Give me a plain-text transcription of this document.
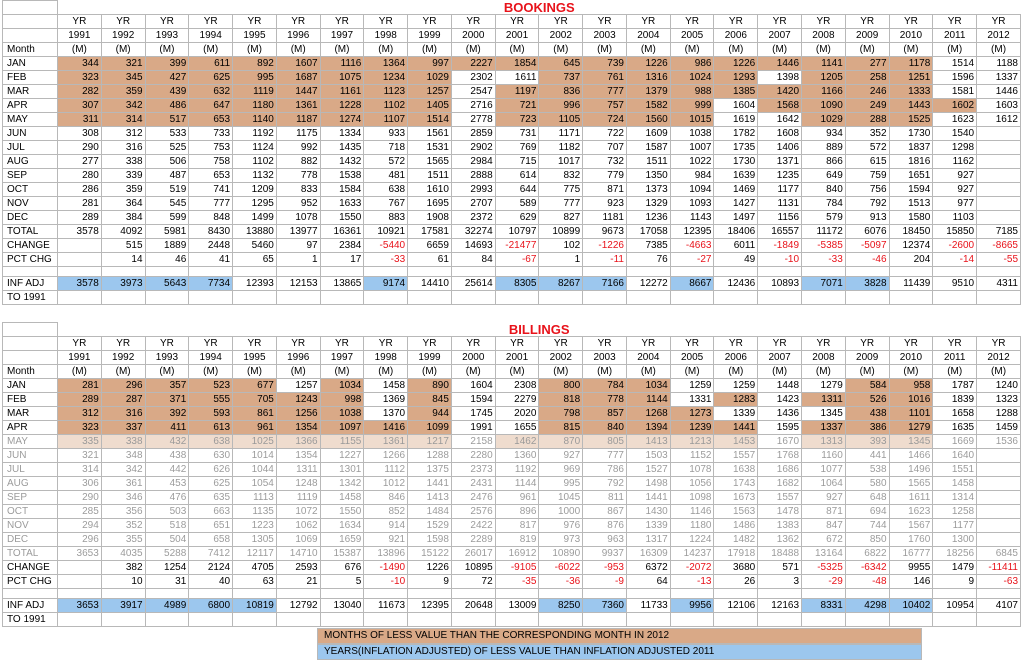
	BOOKINGS																					
	YR	YR	YR	YR	YR	YR	YR	YR	YR	YR	YR	YR	YR	YR	YR	YR	YR	YR	YR	YR	YR	YR
	1991	1992	1993	1994	1995	1996	1997	1998	1999	2000	2001	2002	2003	2004	2005	2006	2007	2008	2009	2010	2011	2012
Month	(M)	(M)	(M)	(M)	(M)	(M)	(M)	(M)	(M)	(M)	(M)	(M)	(M)	(M)	(M)	(M)	(M)	(M)	(M)	(M)	(M)	(M)
JAN	344	321	399	611	892	1607	1116	1364	997	2227	1854	645	739	1226	986	1226	1446	1141	277	1178	1514	1188
FEB	323	345	427	625	995	1687	1075	1234	1029	2302	1611	737	761	1316	1024	1293	1398	1205	258	1251	1596	1337
MAR	282	359	439	632	1119	1447	1161	1123	1257	2547	1197	836	777	1379	988	1385	1420	1166	246	1333	1581	1446
APR	307	342	486	647	1180	1361	1228	1102	1405	2716	721	996	757	1582	999	1604	1568	1090	249	1443	1602	1603
MAY	311	314	517	653	1140	1187	1274	1107	1514	2778	723	1105	724	1560	1015	1619	1642	1029	288	1525	1623	1612
JUN	308	312	533	733	1192	1175	1334	933	1561	2859	731	1171	722	1609	1038	1782	1608	934	352	1730	1540	
JUL	290	316	525	753	1124	992	1435	718	1531	2902	769	1182	707	1587	1007	1735	1406	889	572	1837	1298	
AUG	277	338	506	758	1102	882	1432	572	1565	2984	715	1017	732	1511	1022	1730	1371	866	615	1816	1162	
SEP	280	339	487	653	1132	778	1538	481	1511	2888	614	832	779	1350	984	1639	1235	649	759	1651	927	
OCT	286	359	519	741	1209	833	1584	638	1610	2993	644	775	871	1373	1094	1469	1177	840	756	1594	927	
NOV	281	364	545	777	1295	952	1633	767	1695	2707	589	777	923	1329	1093	1427	1131	784	792	1513	977	
DEC	289	384	599	848	1499	1078	1550	883	1908	2372	629	827	1181	1236	1143	1497	1156	579	913	1580	1103	
TOTAL	3578	4092	5981	8430	13880	13977	16361	10921	17581	32274	10797	10899	9673	17058	12395	18406	16557	11172	6076	18450	15850	7185
CHANGE		515	1889	2448	5460	97	2384	-5440	6659	14693	-21477	102	-1226	7385	-4663	6011	-1849	-5385	-5097	12374	-2600	-8665
PCT CHG		14	46	41	65	1	17	-33	61	84	-67	1	-11	76	-27	49	-10	-33	-46	204	-14	-55

INF ADJ	3578	3973	5643	7734	12393	12153	13865	9174	14410	25614	8305	8267	7166	12272	8667	12436	10893	7071	3828	11439	9510	4311
TO 1991																						
	BILLINGS																					
	YR	YR	YR	YR	YR	YR	YR	YR	YR	YR	YR	YR	YR	YR	YR	YR	YR	YR	YR	YR	YR	YR
	1991	1992	1993	1994	1995	1996	1997	1998	1999	2000	2001	2002	2003	2004	2005	2006	2007	2008	2009	2010	2011	2012
Month	(M)	(M)	(M)	(M)	(M)	(M)	(M)	(M)	(M)	(M)	(M)	(M)	(M)	(M)	(M)	(M)	(M)	(M)	(M)	(M)	(M)	(M)
JAN	281	296	357	523	677	1257	1034	1458	890	1604	2308	800	784	1034	1259	1259	1448	1279	584	958	1787	1240
FEB	289	287	371	555	705	1243	998	1369	845	1594	2279	818	778	1144	1331	1283	1423	1311	526	1016	1839	1323
MAR	312	316	392	593	861	1256	1038	1370	944	1745	2020	798	857	1268	1273	1339	1436	1345	438	1101	1658	1288
APR	323	337	411	613	961	1354	1097	1416	1099	1991	1655	815	840	1394	1239	1441	1595	1337	386	1279	1635	1459
MAY	335	338	432	638	1025	1366	1155	1361	1217	2158	1462	870	805	1413	1213	1453	1670	1313	393	1345	1669	1536
JUN	321	348	438	630	1014	1354	1227	1266	1288	2280	1360	927	777	1503	1152	1557	1768	1160	441	1466	1640	
JUL	314	342	442	626	1044	1311	1301	1112	1375	2373	1192	969	786	1527	1078	1638	1686	1077	538	1496	1551	
AUG	306	361	453	625	1054	1248	1342	1012	1441	2431	1144	995	792	1498	1056	1743	1682	1064	580	1565	1458	
SEP	290	346	476	635	1113	1119	1458	846	1413	2476	961	1045	811	1441	1098	1673	1557	927	648	1611	1314	
OCT	285	356	503	663	1135	1072	1550	852	1484	2576	896	1000	867	1430	1146	1563	1478	871	694	1623	1258	
NOV	294	352	518	651	1223	1062	1634	914	1529	2422	817	976	876	1339	1180	1486	1383	847	744	1567	1177	
DEC	296	355	504	658	1305	1069	1659	921	1598	2289	819	973	963	1317	1224	1482	1362	672	850	1760	1300	
TOTAL	3653	4035	5288	7412	12117	14710	15387	13896	15122	26017	16912	10890	9937	16309	14237	17918	18488	13164	6822	16777	18256	6845
CHANGE		382	1254	2124	4705	2593	676	-1490	1226	10895	-9105	-6022	-953	6372	-2072	3680	571	-5325	-6342	9955	1479	-11411
PCT CHG		10	31	40	63	21	5	-10	9	72	-35	-36	-9	64	-13	26	3	-29	-48	146	9	-63

INF ADJ	3653	3917	4989	6800	10819	12792	13040	11673	12395	20648	13009	8250	7360	11733	9956	12106	12163	8331	4298	10402	10954	4107
TO 1991																						
MONTHS OF LESS VALUE THAN THE CORRESPONDING MONTH IN 2012
YEARS(INFLATION ADJUSTED) OF LESS VALUE THAN INFLATION ADJUSTED 2011
